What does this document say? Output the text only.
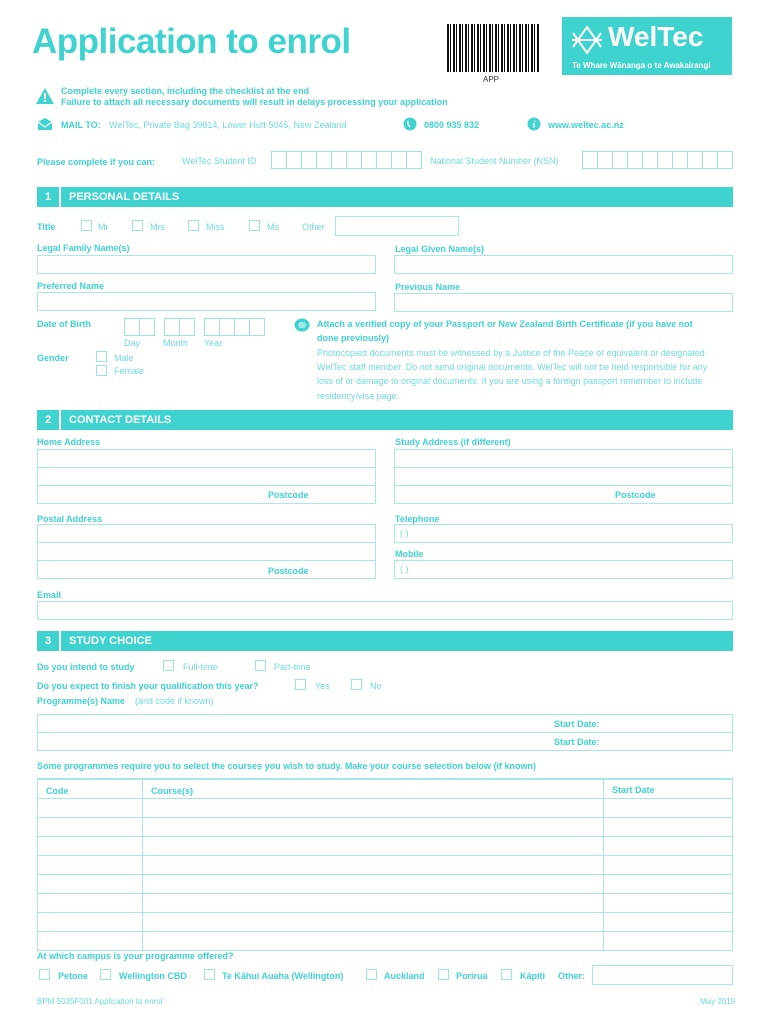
Application to enrol
APP
WelTec
Te Whare Wānanga o te Awakairangi
Complete every section, including the checklist at the end
Failure to attach all necessary documents will result in delays processing your application
MAIL TO: WelTec, Private Bag 39814, Lower Hutt 5045, New Zealand	0800 935 832	i www.weltec.ac.nz
Please complete if you can:	WelTec Student ID	National Student Number (NSN)
1	PERSONAL DETAILS
Title	Mr	Mrs	Miss	Ms	Other
Legal Family Name(s)	Legal Given Name(s)
Preferred Name	Previous Name
Date of Birth
Day	Month Year
Gender	Male
Female
Attach a verified copy of your Passport or New Zealand Birth Certificate (if you have not
done previously)
Photocopied documents must be witnessed by a Justice of the Peace or equivalent or designated
WelTec staff member. Do not send original documents. WelTec will not be held responsible for any
loss of or damage to original documents. If you are using a foreign passport remember to include
residency/visa page.
2	CONTACT DETAILS
Home Address
Postcode
Study Address (if different)
Postcode
Postal Address
Postcode
Telephone
( )
Mobile
( )
Email
3	STUDY CHOICE
Do you intend to study	Full-time	Part-time
Do you expect to finish your qualification this year?	Yes	No
Programme(s) Name (and code if known)
Start Date:
Start Date:
Some programmes require you to select the courses you wish to study. Make your course selection below (if known)
Code	Course(s)	Start Date
At which campus is your programme offered?
Petone	Wellington CBD	Te Kāhui Auaha (Wellington)	Auckland	Porirua	Kāpiti Other:
BPM 5035F001 Application to enrol	May 2019
